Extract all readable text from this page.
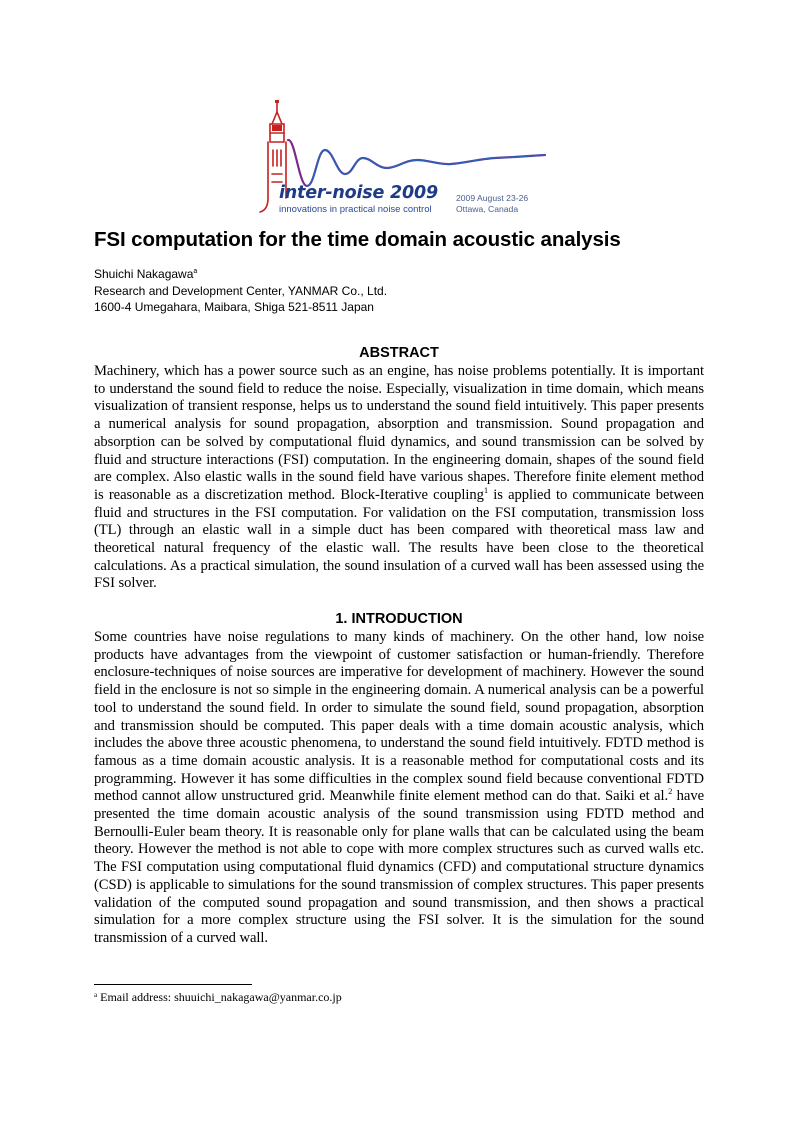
inter-noise 2009
innovations in practical noise control
2009 August 23-26
Ottawa, Canada
FSI computation for the time domain acoustic analysis
Shuichi Nakagawa$^a$
Research and Development Center, YANMAR Co., Ltd.
1600-4 Umegahara, Maibara, Shiga 521-8511 Japan
ABSTRACT

Machinery, which has a power source such as an engine, has noise problems potentially. It is important to understand the sound field to reduce the noise. Especially, visualization in time domain, which means visualization of transient response, helps us to understand the sound field intuitively. This paper presents a numerical analysis for sound propagation, absorption and transmission. Sound propagation and absorption can be solved by computational fluid dynamics, and sound transmission can be solved by fluid and structure interactions (FSI) computation. In the engineering domain, shapes of the sound field are complex. Also elastic walls in the sound field have various shapes. Therefore finite element method is reasonable as a discretization method. Block-Iterative coupling$^1$ is applied to communicate between fluid and structures in the FSI computation. For validation on the FSI computation, transmission loss (TL) through an elastic wall in a simple duct has been compared with theoretical mass law and theoretical natural frequency of the elastic wall. The results have been close to the theoretical calculations. As a practical simulation, the sound insulation of a curved wall has been assessed using the FSI solver.

1. INTRODUCTION

Some countries have noise regulations to many kinds of machinery. On the other hand, low noise products have advantages from the viewpoint of customer satisfaction or human-friendly. Therefore enclosure-techniques of noise sources are imperative for development of machinery. However the sound field in the enclosure is not so simple in the engineering domain. A numerical analysis can be a powerful tool to understand the sound field. In order to simulate the sound field, sound propagation, absorption and transmission should be computed. This paper deals with a time domain acoustic analysis, which includes the above three acoustic phenomena, to understand the sound field intuitively. FDTD method is famous as a time domain acoustic analysis. It is a reasonable method for computational costs and its programming. However it has some difficulties in the complex sound field because conventional FDTD method cannot allow unstructured grid. Meanwhile finite element method can do that. Saiki et al.$^2$ have presented the time domain acoustic analysis of the sound transmission using FDTD method and Bernoulli-Euler beam theory. It is reasonable only for plane walls that can be calculated using the beam theory. However the method is not able to cope with more complex structures such as curved walls etc. The FSI computation using computational fluid dynamics (CFD) and computational structure dynamics (CSD) is applicable to simulations for the sound transmission of complex structures. This paper presents validation of the computed sound propagation and sound transmission, and then shows a practical simulation for a more complex structure using the FSI solver. It is the simulation for the sound transmission of a curved wall.

$^a$ Email address: shuuichi_nakagawa@yanmar.co.jp
